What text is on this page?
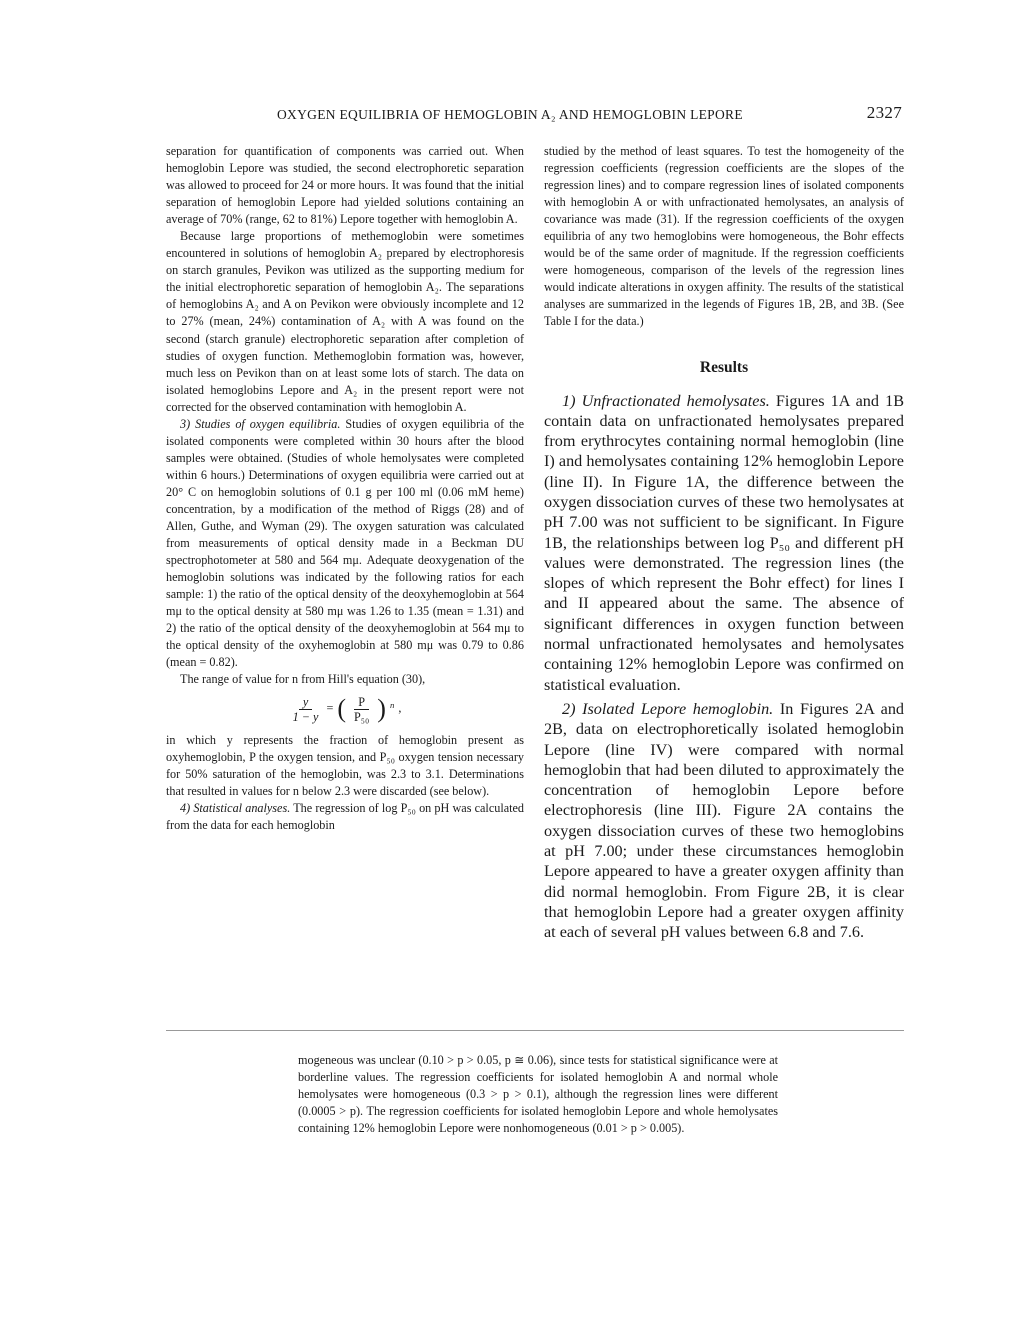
OXYGEN EQUILIBRIA OF HEMOGLOBIN A₂ AND HEMOGLOBIN LEPORE	2327

separation for quantification of components was carried out. When hemoglobin Lepore was studied, the second electrophoretic separation was allowed to proceed for 24 or more hours. It was found that the initial separation of hemoglobin Lepore had yielded solutions containing an average of 70% (range, 62 to 81%) Lepore together with hemoglobin A.

Because large proportions of methemoglobin were sometimes encountered in solutions of hemoglobin A₂ prepared by electrophoresis on starch granules, Pevikon was utilized as the supporting medium for the initial electrophoretic separation of hemoglobin A₂. The separations of hemoglobins A₂ and A on Pevikon were obviously incomplete and 12 to 27% (mean, 24%) contamination of A₂ with A was found on the second (starch granule) electrophoretic separation after completion of studies of oxygen function. Methemoglobin formation was, however, much less on Pevikon than on at least some lots of starch. The data on isolated hemoglobins Lepore and A₂ in the present report were not corrected for the observed contamination with hemoglobin A.

3) Studies of oxygen equilibria. Studies of oxygen equilibria of the isolated components were completed within 30 hours after the blood samples were obtained. (Studies of whole hemolysates were completed within 6 hours.) Determinations of oxygen equilibria were carried out at 20° C on hemoglobin solutions of 0.1 g per 100 ml (0.06 mM heme) concentration, by a modification of the method of Riggs (28) and of Allen, Guthe, and Wyman (29). The oxygen saturation was calculated from measurements of optical density made in a Beckman DU spectrophotometer at 580 and 564 mμ. Adequate deoxygenation of the hemoglobin solutions was indicated by the following ratios for each sample: 1) the ratio of the optical density of the deoxyhemoglobin at 564 mμ to the optical density at 580 mμ was 1.26 to 1.35 (mean = 1.31) and 2) the ratio of the optical density of the deoxyhemoglobin at 564 mμ to the optical density of the oxyhemoglobin at 580 mμ was 0.79 to 0.86 (mean = 0.82).

The range of value for n from Hill's equation (30),

$\frac{y}{1 - y}$ = ( $\frac{P}{\text{P₅₀}}$ ) $^n$ ,

in which y represents the fraction of hemoglobin present as oxyhemoglobin, P the oxygen tension, and P₅₀ oxygen tension necessary for 50% saturation of the hemoglobin, was 2.3 to 3.1. Determinations that resulted in values for n below 2.3 were discarded (see below).

4) Statistical analyses. The regression of log P₅₀ on pH was calculated from the data for each hemoglobin

studied by the method of least squares. To test the homogeneity of the regression coefficients (regression coefficients are the slopes of the regression lines) and to compare regression lines of isolated components with hemoglobin A or with unfractionated hemolysates, an analysis of covariance was made (31). If the regression coefficients of the oxygen equilibria of any two hemoglobins were homogeneous, the Bohr effects would be of the same order of magnitude. If the regression coefficients were homogeneous, comparison of the levels of the regression lines would indicate alterations in oxygen affinity. The results of the statistical analyses are summarized in the legends of Figures 1B, 2B, and 3B. (See Table I for the data.)

Results

1) Unfractionated hemolysates. Figures 1A and 1B contain data on unfractionated hemolysates prepared from erythrocytes containing normal hemoglobin (line I) and hemolysates containing 12% hemoglobin Lepore (line II). In Figure 1A, the difference between the oxygen dissociation curves of these two hemolysates at pH 7.00 was not sufficient to be significant. In Figure 1B, the relationships between log P₅₀ and different pH values were demonstrated. The regression lines (the slopes of which represent the Bohr effect) for lines I and II appeared about the same. The absence of significant differences in oxygen function between normal unfractionated hemolysates and hemolysates containing 12% hemoglobin Lepore was confirmed on statistical evaluation.

2) Isolated Lepore hemoglobin. In Figures 2A and 2B, data on electrophoretically isolated hemoglobin Lepore (line IV) were compared with normal hemoglobin that had been diluted to approximately the concentration of hemoglobin Lepore before electrophoresis (line III). Figure 2A contains the oxygen dissociation curves of these two hemoglobins at pH 7.00; under these circumstances hemoglobin Lepore appeared to have a greater oxygen affinity than did normal hemoglobin. From Figure 2B, it is clear that hemoglobin Lepore had a greater oxygen affinity at each of several pH values between 6.8 and 7.6.

mogeneous was unclear (0.10 > p > 0.05, p ≅ 0.06), since tests for statistical significance were at borderline values. The regression coefficients for isolated hemoglobin A and normal whole hemolysates were homogeneous (0.3 > p > 0.1), although the regression lines were different (0.0005 > p). The regression coefficients for isolated hemoglobin Lepore and whole hemolysates containing 12% hemoglobin Lepore were nonhomogeneous (0.01 > p > 0.005).
